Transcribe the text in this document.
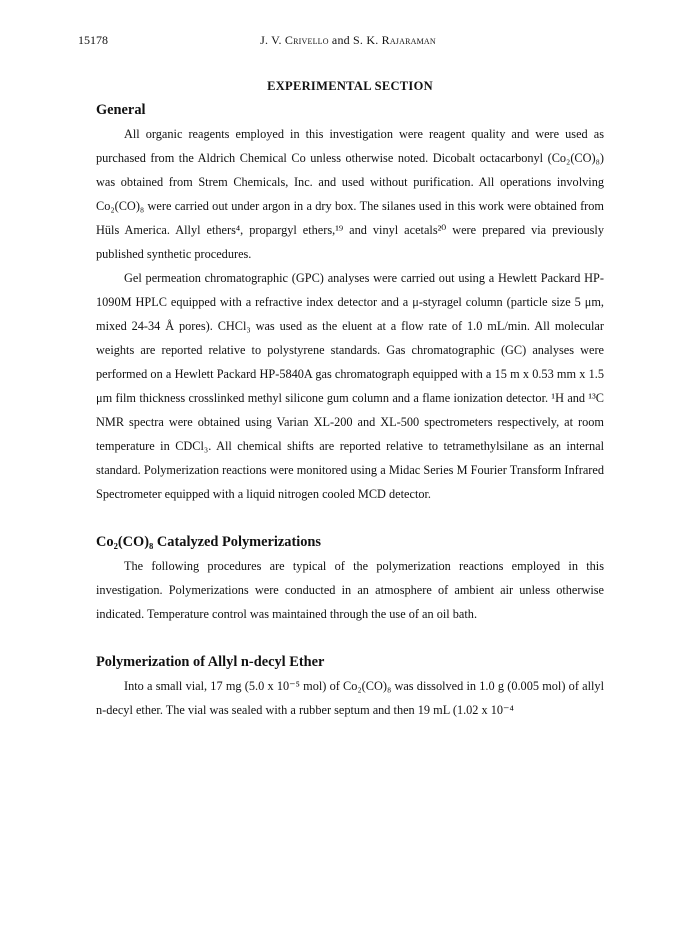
15178	J. V. Crivello and S. K. Rajaraman
EXPERIMENTAL SECTION
General

All organic reagents employed in this investigation were reagent quality and were used as purchased from the Aldrich Chemical Co unless otherwise noted. Dicobalt octacarbonyl (Co₂(CO)₈) was obtained from Strem Chemicals, Inc. and used without purification. All operations involving Co₂(CO)₈ were carried out under argon in a dry box. The silanes used in this work were obtained from Hüls America. Allyl ethers⁴, propargyl ethers,¹⁹ and vinyl acetals²⁰ were prepared via previously published synthetic procedures.

Gel permeation chromatographic (GPC) analyses were carried out using a Hewlett Packard HP-1090M HPLC equipped with a refractive index detector and a μ-styragel column (particle size 5 μm, mixed 24-34 Å pores). CHCl₃ was used as the eluent at a flow rate of 1.0 mL/min. All molecular weights are reported relative to polystyrene standards. Gas chromatographic (GC) analyses were performed on a Hewlett Packard HP-5840A gas chromatograph equipped with a 15 m x 0.53 mm x 1.5 μm film thickness crosslinked methyl silicone gum column and a flame ionization detector. ¹H and ¹³C NMR spectra were obtained using Varian XL-200 and XL-500 spectrometers respectively, at room temperature in CDCl₃. All chemical shifts are reported relative to tetramethylsilane as an internal standard. Polymerization reactions were monitored using a Midac Series M Fourier Transform Infrared Spectrometer equipped with a liquid nitrogen cooled MCD detector.

Co₂(CO)₈ Catalyzed Polymerizations

The following procedures are typical of the polymerization reactions employed in this investigation. Polymerizations were conducted in an atmosphere of ambient air unless otherwise indicated. Temperature control was maintained through the use of an oil bath.

Polymerization of Allyl n-decyl Ether

Into a small vial, 17 mg (5.0 x 10⁻⁵ mol) of Co₂(CO)₈ was dissolved in 1.0 g (0.005 mol) of allyl n-decyl ether. The vial was sealed with a rubber septum and then 19 mL (1.02 x 10⁻⁴
